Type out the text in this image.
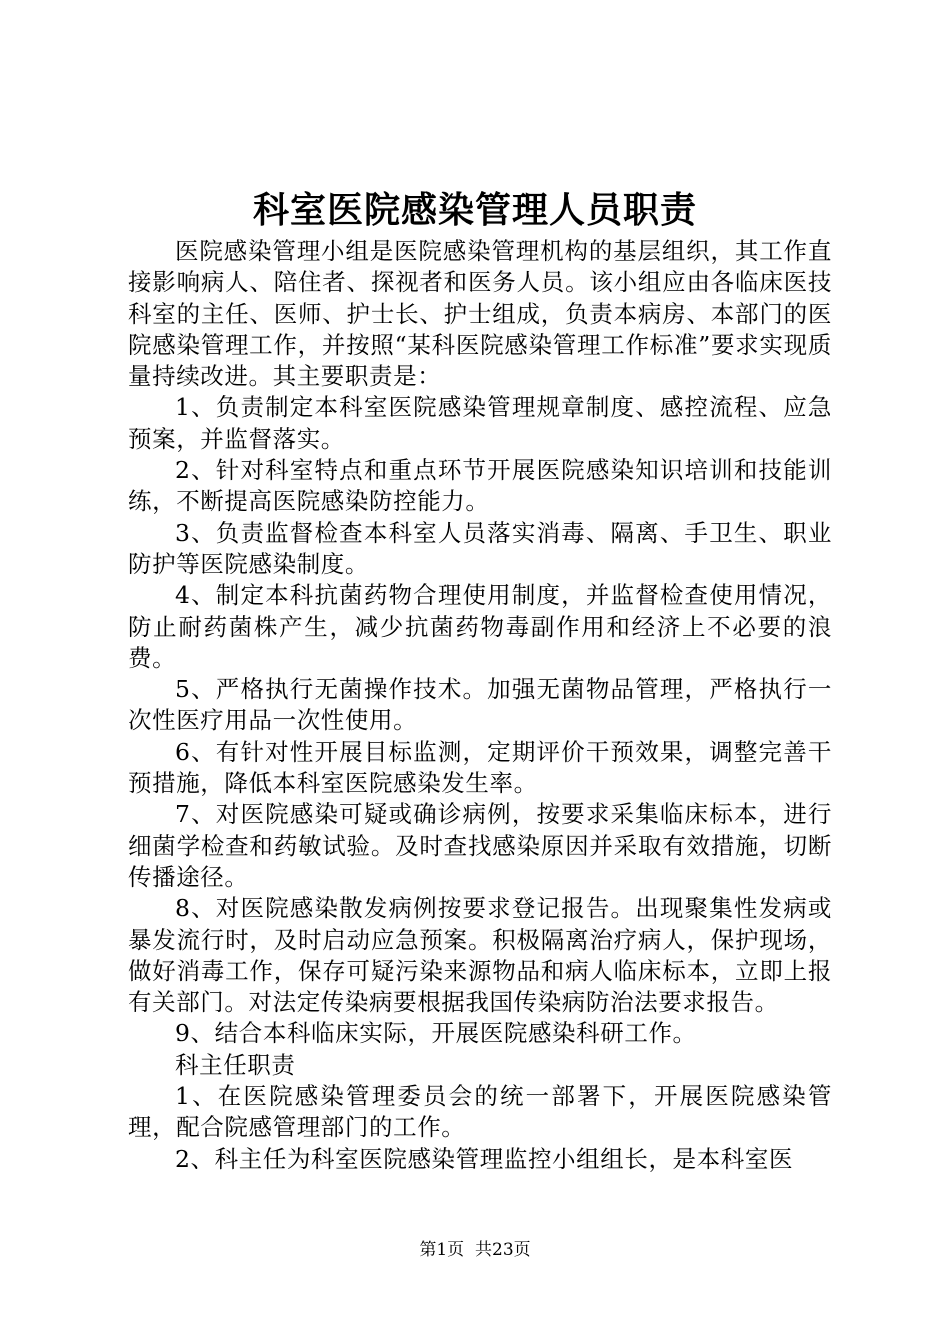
科室医院感染管理人员职责

医院感染管理小组是医院感染管理机构的基层组织，其工作直接影响病人、陪住者、探视者和医务人员。该小组应由各临床医技科室的主任、医师、护士长、护士组成，负责本病房、本部门的医院感染管理工作，并按照“某科医院感染管理工作标准”要求实现质量持续改进。其主要职责是：

1、负责制定本科室医院感染管理规章制度、感控流程、应急预案，并监督落实。

2、针对科室特点和重点环节开展医院感染知识培训和技能训练，不断提高医院感染防控能力。

3、负责监督检查本科室人员落实消毒、隔离、手卫生、职业防护等医院感染制度。

4、制定本科抗菌药物合理使用制度，并监督检查使用情况，防止耐药菌株产生，减少抗菌药物毒副作用和经济上不必要的浪费。

5、严格执行无菌操作技术。加强无菌物品管理，严格执行一次性医疗用品一次性使用。

6、有针对性开展目标监测，定期评价干预效果，调整完善干预措施，降低本科室医院感染发生率。

7、对医院感染可疑或确诊病例，按要求采集临床标本，进行细菌学检查和药敏试验。及时查找感染原因并采取有效措施，切断传播途径。

8、对医院感染散发病例按要求登记报告。出现聚集性发病或暴发流行时，及时启动应急预案。积极隔离治疗病人，保护现场，做好消毒工作，保存可疑污染来源物品和病人临床标本，立即上报有关部门。对法定传染病要根据我国传染病防治法要求报告。

9、结合本科临床实际，开展医院感染科研工作。

科主任职责

1、在医院感染管理委员会的统一部署下，开展医院感染管理，配合院感管理部门的工作。

2、科主任为科室医院感染管理监控小组组长，是本科室医

第1页 共23页
